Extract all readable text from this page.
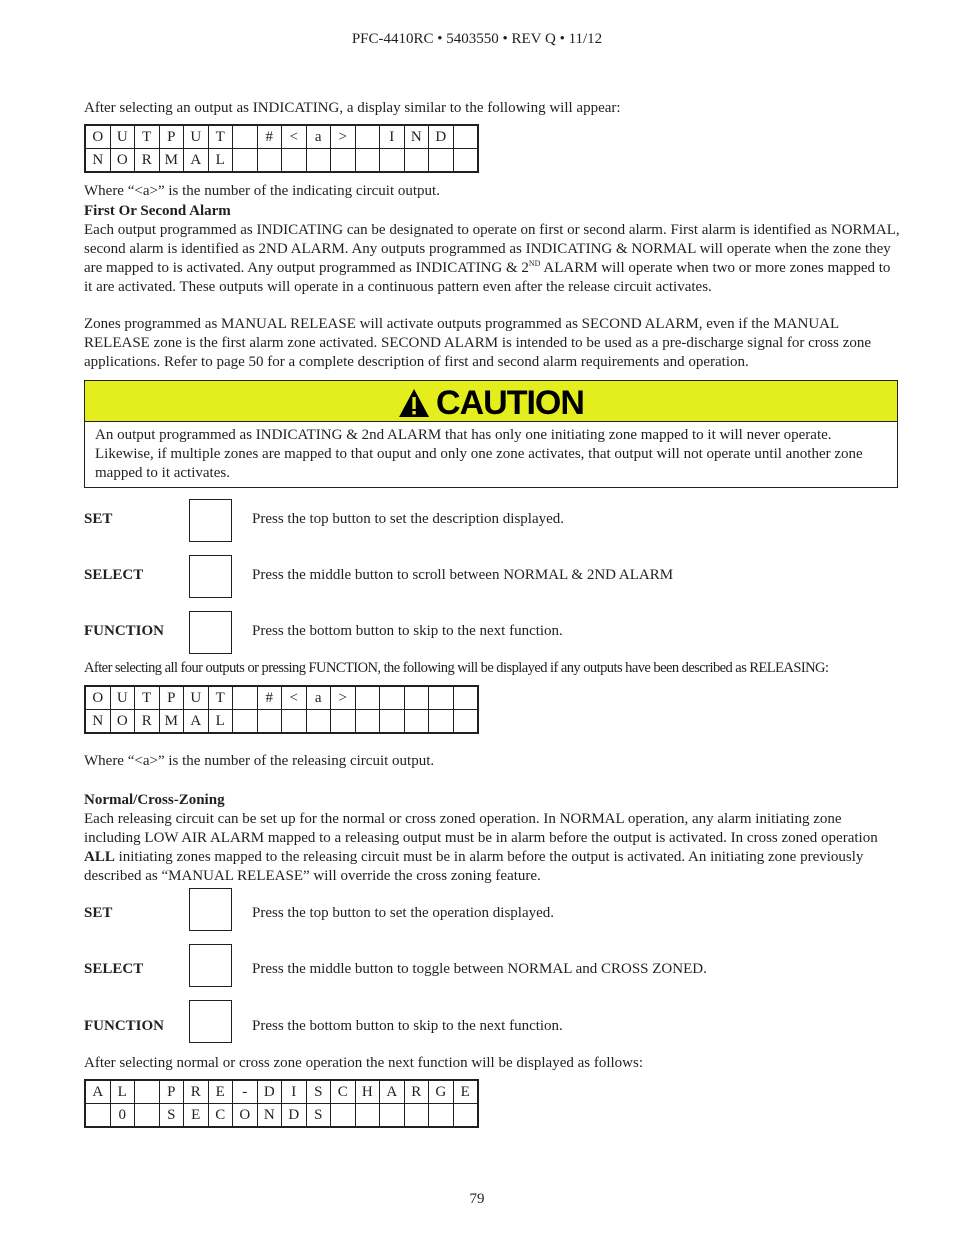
PFC-4410RC • 5403550 • REV Q • 11/12
After selecting an output as INDICATING, a display similar to the following will appear:
O	U	T	P	U	T		#	<	a	>		I	N	D	
N	O	R	M	A	L										
Where “<a>” is the number of the indicating circuit output.
First Or Second Alarm
Each output programmed as INDICATING can be designated to operate on first or second alarm. First alarm is identified as NORMAL, second alarm is identified as 2ND ALARM. Any outputs programmed as INDICATING & NORMAL will operate when the zone they are mapped to is activated. Any output programmed as INDICATING & 2ND ALARM will operate when two or more zones mapped to it are activated. These outputs will operate in a continuous pattern even after the release circuit activates.
Zones programmed as MANUAL RELEASE will activate outputs programmed as SECOND ALARM, even if the MANUAL RELEASE zone is the first alarm zone activated. SECOND ALARM is intended to be used as a pre-discharge signal for cross zone applications. Refer to page 50 for a complete description of first and second alarm requirements and operation.
CAUTION
An output programmed as INDICATING & 2nd ALARM that has only one initiating zone mapped to it will never operate. Likewise, if multiple zones are mapped to that ouput and only one zone activates, that output will not operate until another zone mapped to it activates.
SET	Press the top button to set the description displayed.
SELECT	Press the middle button to scroll between NORMAL & 2ND ALARM
FUNCTION	Press the bottom button to skip to the next function.
After selecting all four outputs or pressing FUNCTION, the following will be displayed if any outputs have been described as RELEASING:
O	U	T	P	U	T		#	<	a	>					
N	O	R	M	A	L										
Where “<a>” is the number of the releasing circuit output.
Normal/Cross-Zoning
Each releasing circuit can be set up for the normal or cross zoned operation. In NORMAL operation, any alarm initiating zone including LOW AIR ALARM mapped to a releasing output must be in alarm before the output is activated. In cross zoned operation ALL initiating zones mapped to the releasing circuit must be in alarm before the output is activated. An initiating zone previously described as “MANUAL RELEASE” will override the cross zoning feature.
SET	Press the top button to set the operation displayed.
SELECT	Press the middle button to toggle between NORMAL and CROSS ZONED.
FUNCTION	Press the bottom button to skip to the next function.
After selecting normal or cross zone operation the next function will be displayed as follows:
A	L		P	R	E	-	D	I	S	C	H	A	R	G	E
	0		S	E	C	O	N	D	S						
79
